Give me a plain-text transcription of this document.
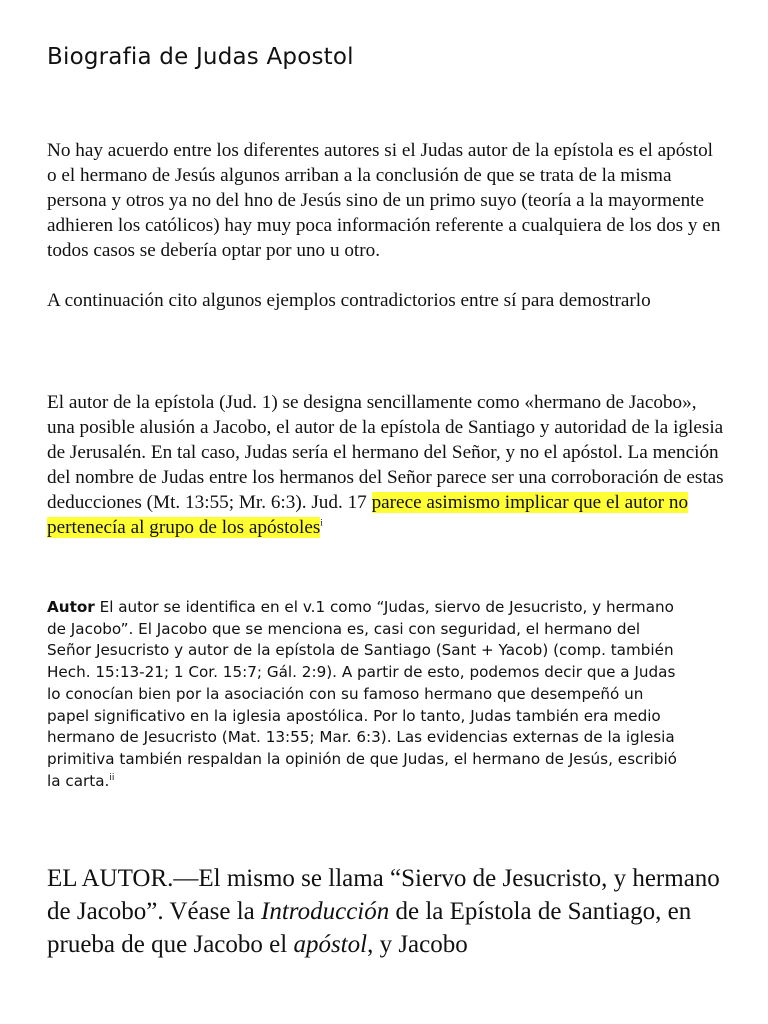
Biografia de Judas Apostol

No hay acuerdo entre los diferentes autores si el Judas autor de la epístola es el apóstol o el hermano de Jesús algunos arriban a la conclusión de que se trata de la misma persona y otros ya no del hno de Jesús sino de un primo suyo (teoría a la mayormente adhieren los católicos) hay muy poca información referente a cualquiera de los dos y en todos casos se debería optar por uno u otro.

A continuación cito algunos ejemplos contradictorios entre sí para demostrarlo

El autor de la epístola (Jud. 1) se designa sencillamente como «hermano de Jacobo», una posible alusión a Jacobo, el autor de la epístola de Santiago y autoridad de la iglesia de Jerusalén. En tal caso, Judas sería el hermano del Señor, y no el apóstol. La mención del nombre de Judas entre los hermanos del Señor parece ser una corroboración de estas deducciones (Mt. 13:55; Mr. 6:3). Jud. 17 parece asimismo implicar que el autor no pertenecía al grupo de los apóstoles$^i$

Autor El autor se identifica en el v.1 como “Judas, siervo de Jesucristo, y hermano de Jacobo”. El Jacobo que se menciona es, casi con seguridad, el hermano del Señor Jesucristo y autor de la epístola de Santiago (Sant + Yacob) (comp. también Hech. 15:13-21; 1 Cor. 15:7; Gál. 2:9). A partir de esto, podemos decir que a Judas lo conocían bien por la asociación con su famoso hermano que desempeñó un papel significativo en la iglesia apostólica. Por lo tanto, Judas también era medio hermano de Jesucristo (Mat. 13:55; Mar. 6:3). Las evidencias externas de la iglesia primitiva también respaldan la opinión de que Judas, el hermano de Jesús, escribió la carta.$^{ii}$

EL AUTOR.—El mismo se llama “Siervo de Jesucristo, y hermano de Jacobo”. Véase la Introducción de la Epístola de Santiago, en prueba de que Jacobo el apóstol, y Jacobo
